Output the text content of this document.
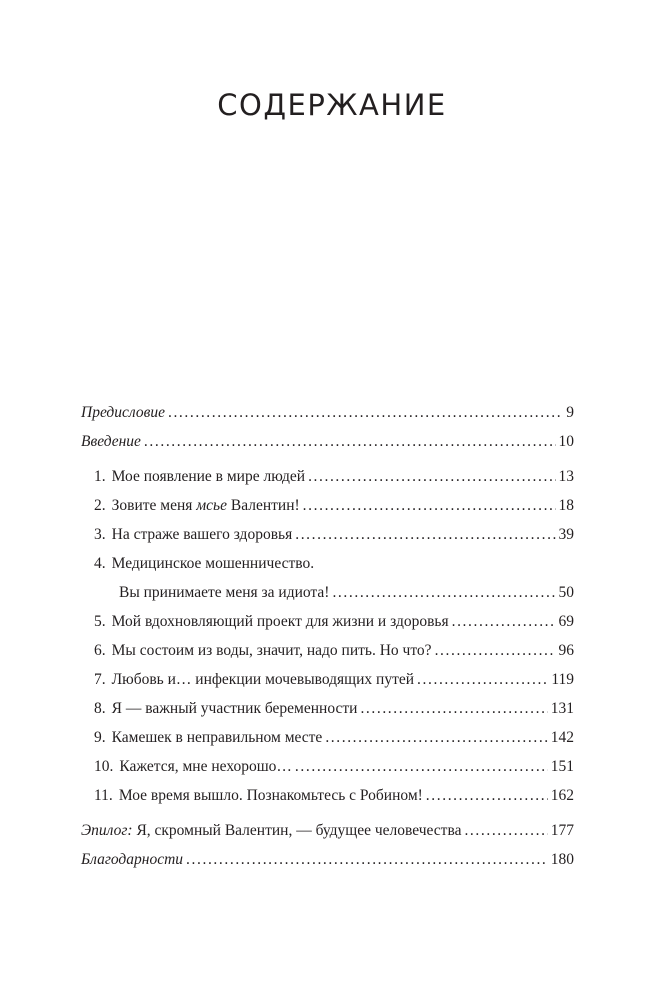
СОДЕРЖАНИЕ
Предисловие .....	9
Введение .....	10
1. Мое появление в мире людей .....	13
2. Зовите меня мсье Валентин! .....	18
3. На страже вашего здоровья .....	39
4. Медицинское мошенничество.
Вы принимаете меня за идиота! .....	50
5. Мой вдохновляющий проект для жизни и здоровья .....	69
6. Мы состоим из воды, значит, надо пить. Но что? .....	96
7. Любовь и… инфекции мочевыводящих путей .....	119
8. Я — важный участник беременности .....	131
9. Камешек в неправильном месте .....	142
10. Кажется, мне нехорошо… .....	151
11. Мое время вышло. Познакомьтесь с Робином! .....	162
Эпилог: Я, скромный Валентин, — будущее человечества .....	177
Благодарности .....	180
